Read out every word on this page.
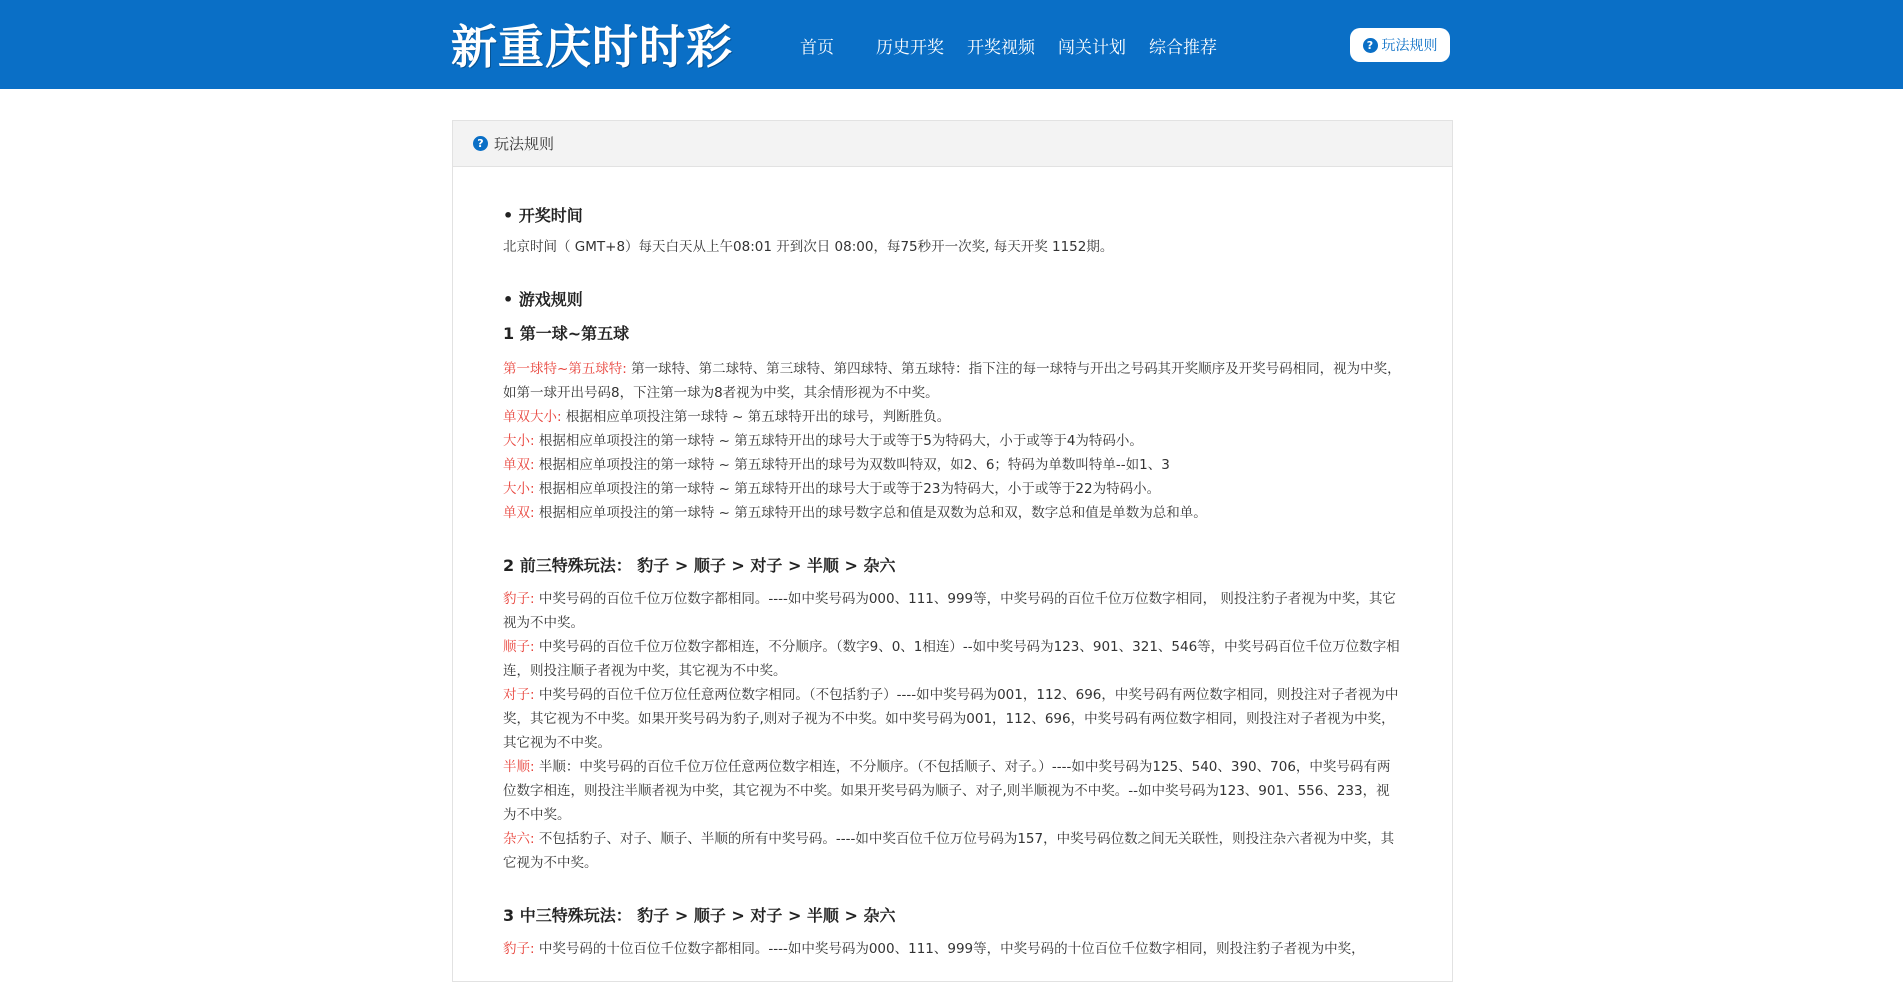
新重庆时时彩	首页 历史开奖 开奖视频 闯关计划 综合推荐	? 玩法规则
? 玩法规则
• 开奖时间

北京时间（ GMT+8）每天白天从上午08:01 开到次日 08:00，每75秒开一次奖, 每天开奖 1152期。

• 游戏规则
1 第一球~第五球

第一球特~第五球特: 第一球特、第二球特、第三球特、第四球特、第五球特：指下注的每一球特与开出之号码其开奖顺序及开奖号码相同，视为中奖，如第一球开出号码8，下注第一球为8者视为中奖，其余情形视为不中奖。

单双大小: 根据相应单项投注第一球特 ~ 第五球特开出的球号，判断胜负。

大小: 根据相应单项投注的第一球特 ~ 第五球特开出的球号大于或等于5为特码大，小于或等于4为特码小。

单双: 根据相应单项投注的第一球特 ~ 第五球特开出的球号为双数叫特双，如2、6；特码为单数叫特单--如1、3

大小: 根据相应单项投注的第一球特 ~ 第五球特开出的球号大于或等于23为特码大，小于或等于22为特码小。

单双: 根据相应单项投注的第一球特 ~ 第五球特开出的球号数字总和值是双数为总和双，数字总和值是单数为总和单。

2 前三特殊玩法： 豹子 > 顺子 > 对子 > 半顺 > 杂六

豹子: 中奖号码的百位千位万位数字都相同。----如中奖号码为000、111、999等，中奖号码的百位千位万位数字相同， 则投注豹子者视为中奖，其它视为不中奖。

顺子: 中奖号码的百位千位万位数字都相连，不分顺序。（数字9、0、1相连）--如中奖号码为123、901、321、546等，中奖号码百位千位万位数字相连，则投注顺子者视为中奖，其它视为不中奖。

对子: 中奖号码的百位千位万位任意两位数字相同。（不包括豹子）----如中奖号码为001，112、696，中奖号码有两位数字相同，则投注对子者视为中奖，其它视为不中奖。如果开奖号码为豹子,则对子视为不中奖。如中奖号码为001，112、696，中奖号码有两位数字相同，则投注对子者视为中奖，其它视为不中奖。

半顺: 半顺：中奖号码的百位千位万位任意两位数字相连，不分顺序。（不包括顺子、对子。）----如中奖号码为125、540、390、706，中奖号码有两位数字相连，则投注半顺者视为中奖，其它视为不中奖。如果开奖号码为顺子、对子,则半顺视为不中奖。--如中奖号码为123、901、556、233，视为不中奖。

杂六: 不包括豹子、对子、顺子、半顺的所有中奖号码。----如中奖百位千位万位号码为157，中奖号码位数之间无关联性，则投注杂六者视为中奖，其它视为不中奖。

3 中三特殊玩法： 豹子 > 顺子 > 对子 > 半顺 > 杂六

豹子: 中奖号码的十位百位千位数字都相同。----如中奖号码为000、111、999等，中奖号码的十位百位千位数字相同，则投注豹子者视为中奖，
